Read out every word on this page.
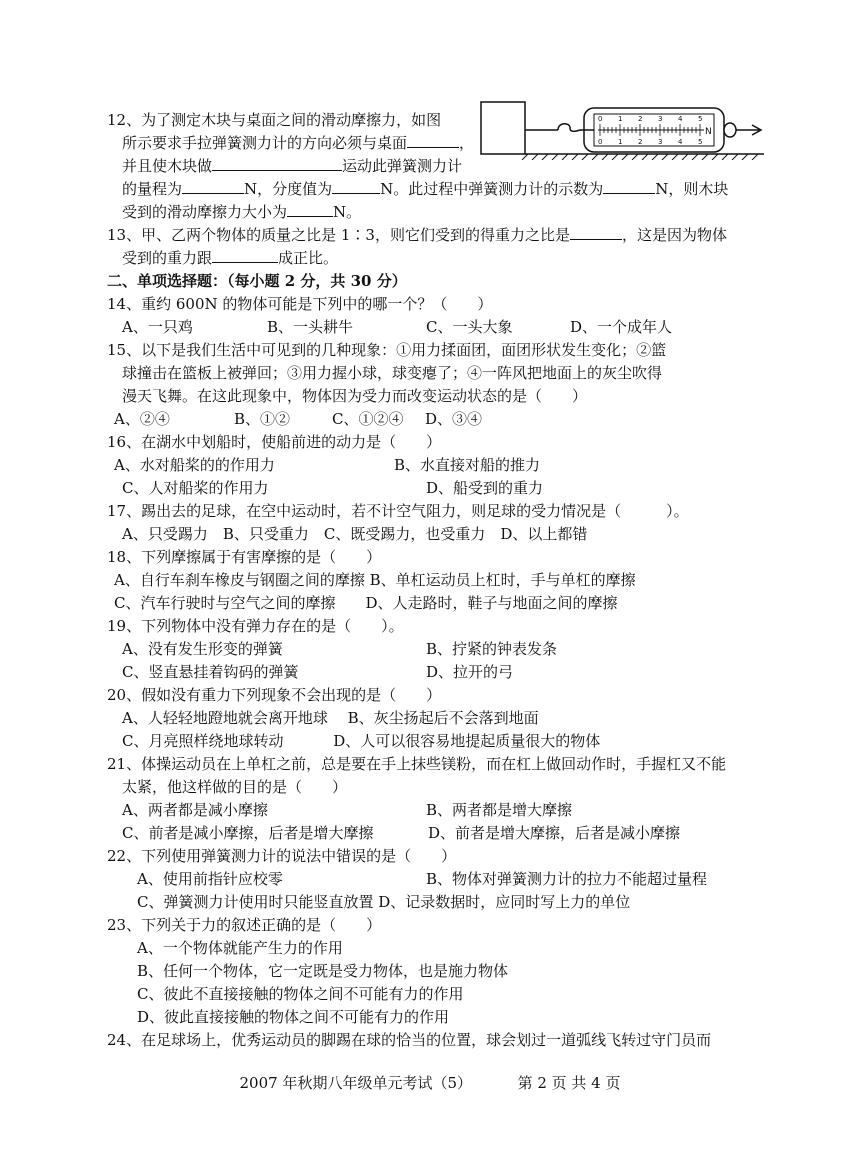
12、为了测定木块与桌面之间的滑动摩擦力，如图
所示要求手拉弹簧测力计的方向必须与桌面	，
并且使木块做	运动此弹簧测力计
的量程为	N，分度值为	N。此过程中弹簧测力计的示数为	N，则木块
受到的滑动摩擦力大小为	N。
0 1 2 3 4 5
0 1 2 3 4 5
N
13、甲、乙两个物体的质量之比是 1∶3，则它们受到的得重力之比是	，这是因为物体
受到的重力跟	成正比。
二、单项选择题：（每小题 2 分，共 30 分）
14、重约 600N 的物体可能是下列中的哪一个？（　　）
A、一只鸡	B、一头耕牛	C、一头大象	D、一个成年人
15、以下是我们生活中可见到的几种现象：①用力揉面团，面团形状发生变化；②篮
球撞击在篮板上被弹回；③用力握小球，球变瘪了；④一阵风把地面上的灰尘吹得
漫天飞舞。在这此现象中，物体因为受力而改变运动状态的是（　　）
A、②④	B、①②	C、①②④ D、③④
16、在湖水中划船时，使船前进的动力是（　　）
A、水对船桨的的作用力	B、水直接对船的推力
C、人对船桨的作用力	D、船受到的重力
17、踢出去的足球，在空中运动时，若不计空气阻力，则足球的受力情况是（　　　）。
A、只受踢力　B、只受重力　C、既受踢力，也受重力　D、以上都错
18、下列摩擦属于有害摩擦的是（　　）
A、自行车刹车橡皮与钢圈之间的摩擦 B、单杠运动员上杠时，手与单杠的摩擦
C、汽车行驶时与空气之间的摩擦　　D、人走路时，鞋子与地面之间的摩擦
19、下列物体中没有弹力存在的是（　　）。
A、没有发生形变的弹簧	B、拧紧的钟表发条
C、竖直悬挂着钩码的弹簧	D、拉开的弓
20、假如没有重力下列现象不会出现的是（　　）
A、人轻轻地蹬地就会离开地球　 B、灰尘扬起后不会落到地面
C、月亮照样绕地球转动　　　 D、人可以很容易地提起质量很大的物体
21、体操运动员在上单杠之前，总是要在手上抹些镁粉，而在杠上做回动作时，手握杠又不能
太紧，他这样做的目的是（　　）
A、两者都是减小摩擦	B、两者都是增大摩擦
C、前者是减小摩擦，后者是增大摩擦	D、前者是增大摩擦，后者是减小摩擦
22、下列使用弹簧测力计的说法中错误的是（　　）
A、使用前指针应校零	B、物体对弹簧测力计的拉力不能超过量程
C、弹簧测力计使用时只能竖直放置 D、记录数据时，应同时写上力的单位
23、下列关于力的叙述正确的是（　　）
A、一个物体就能产生力的作用
B、任何一个物体，它一定既是受力物体，也是施力物体
C、彼此不直接接触的物体之间不可能有力的作用
D、彼此直接接触的物体之间不可能有力的作用
24、在足球场上，优秀运动员的脚踢在球的恰当的位置，球会划过一道弧线飞转过守门员而
2007 年秋期八年级单元考试（5）	第 2 页 共 4 页
